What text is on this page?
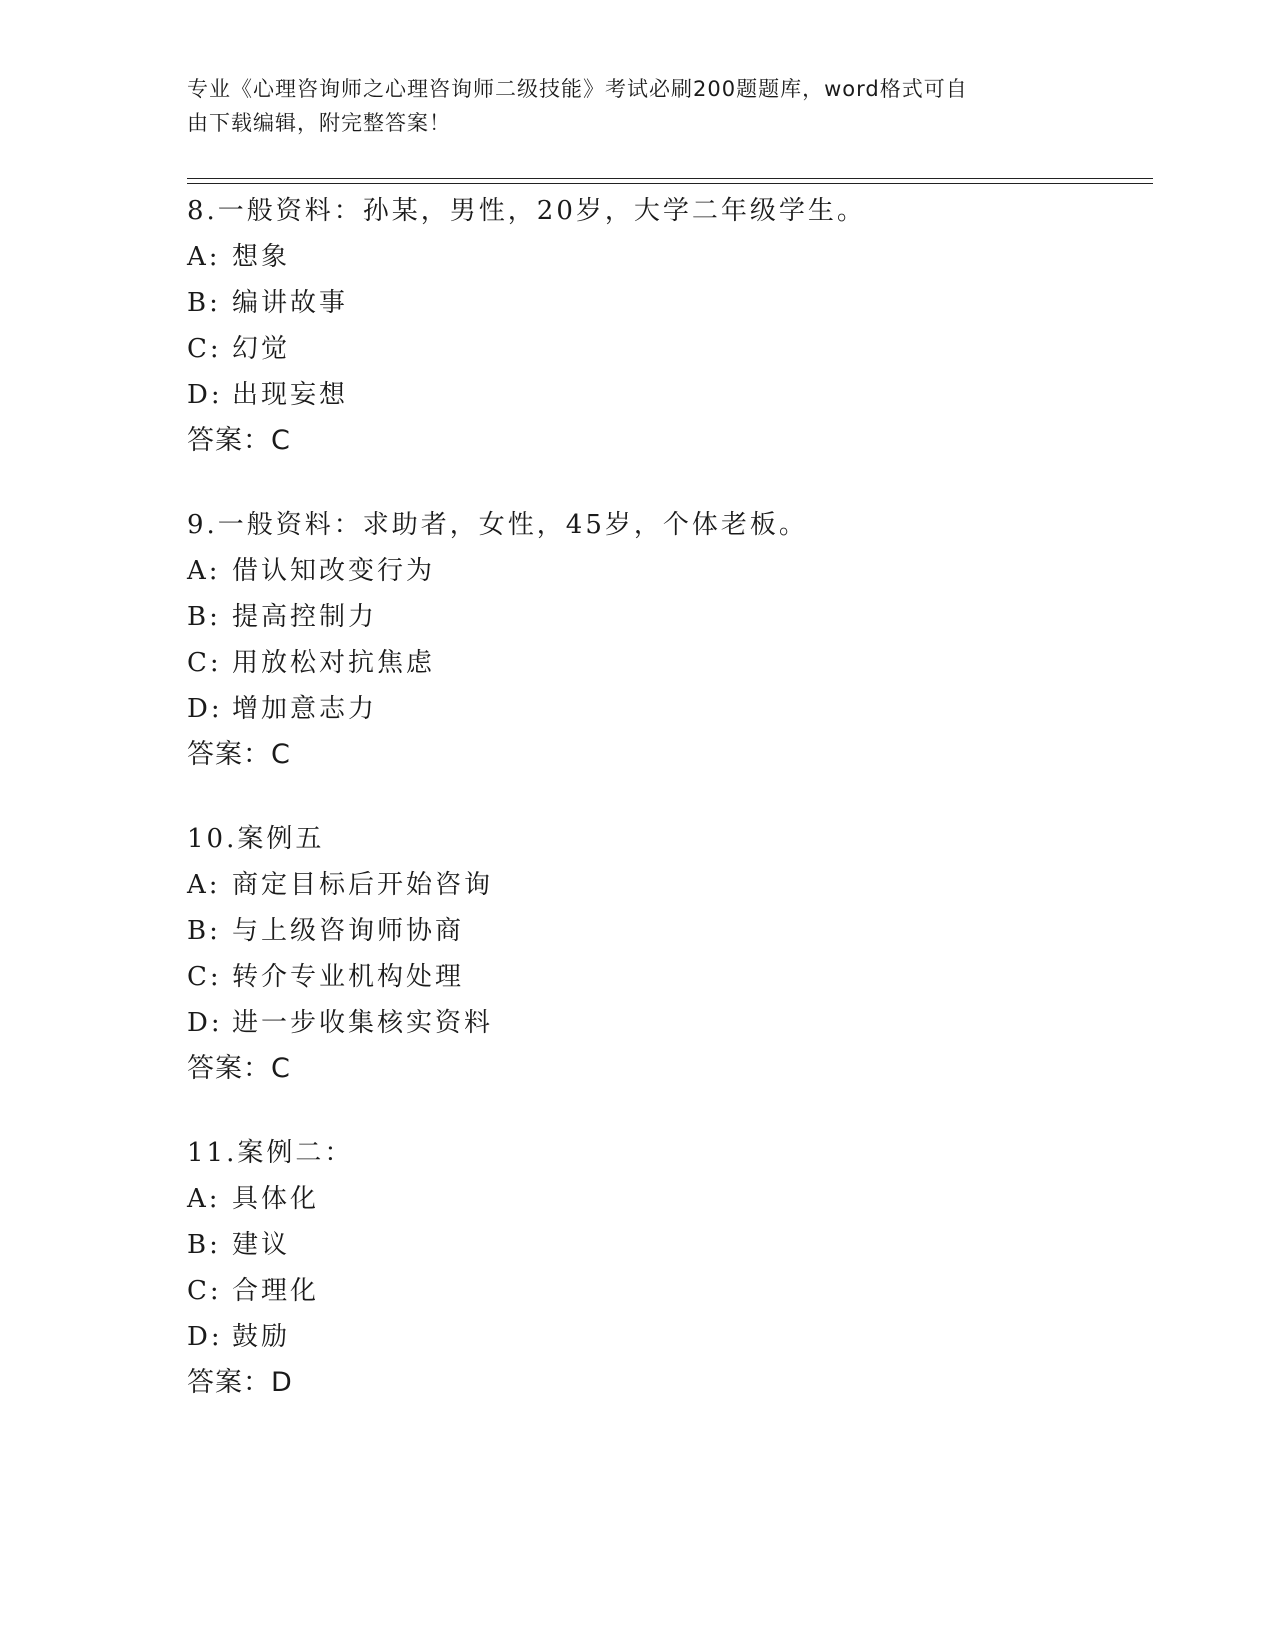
专业《心理咨询师之心理咨询师二级技能》考试必刷200题题库，word格式可自
由下载编辑，附完整答案！
8.一般资料：孙某，男性，20岁，大学二年级学生。
A: 想象
B: 编讲故事
C: 幻觉
D: 出现妄想
答案：C
9.一般资料：求助者，女性，45岁，个体老板。
A: 借认知改变行为
B: 提高控制力
C: 用放松对抗焦虑
D: 增加意志力
答案：C
10.案例五
A: 商定目标后开始咨询
B: 与上级咨询师协商
C: 转介专业机构处理
D: 进一步收集核实资料
答案：C
11.案例二：
A: 具体化
B: 建议
C: 合理化
D: 鼓励
答案：D
